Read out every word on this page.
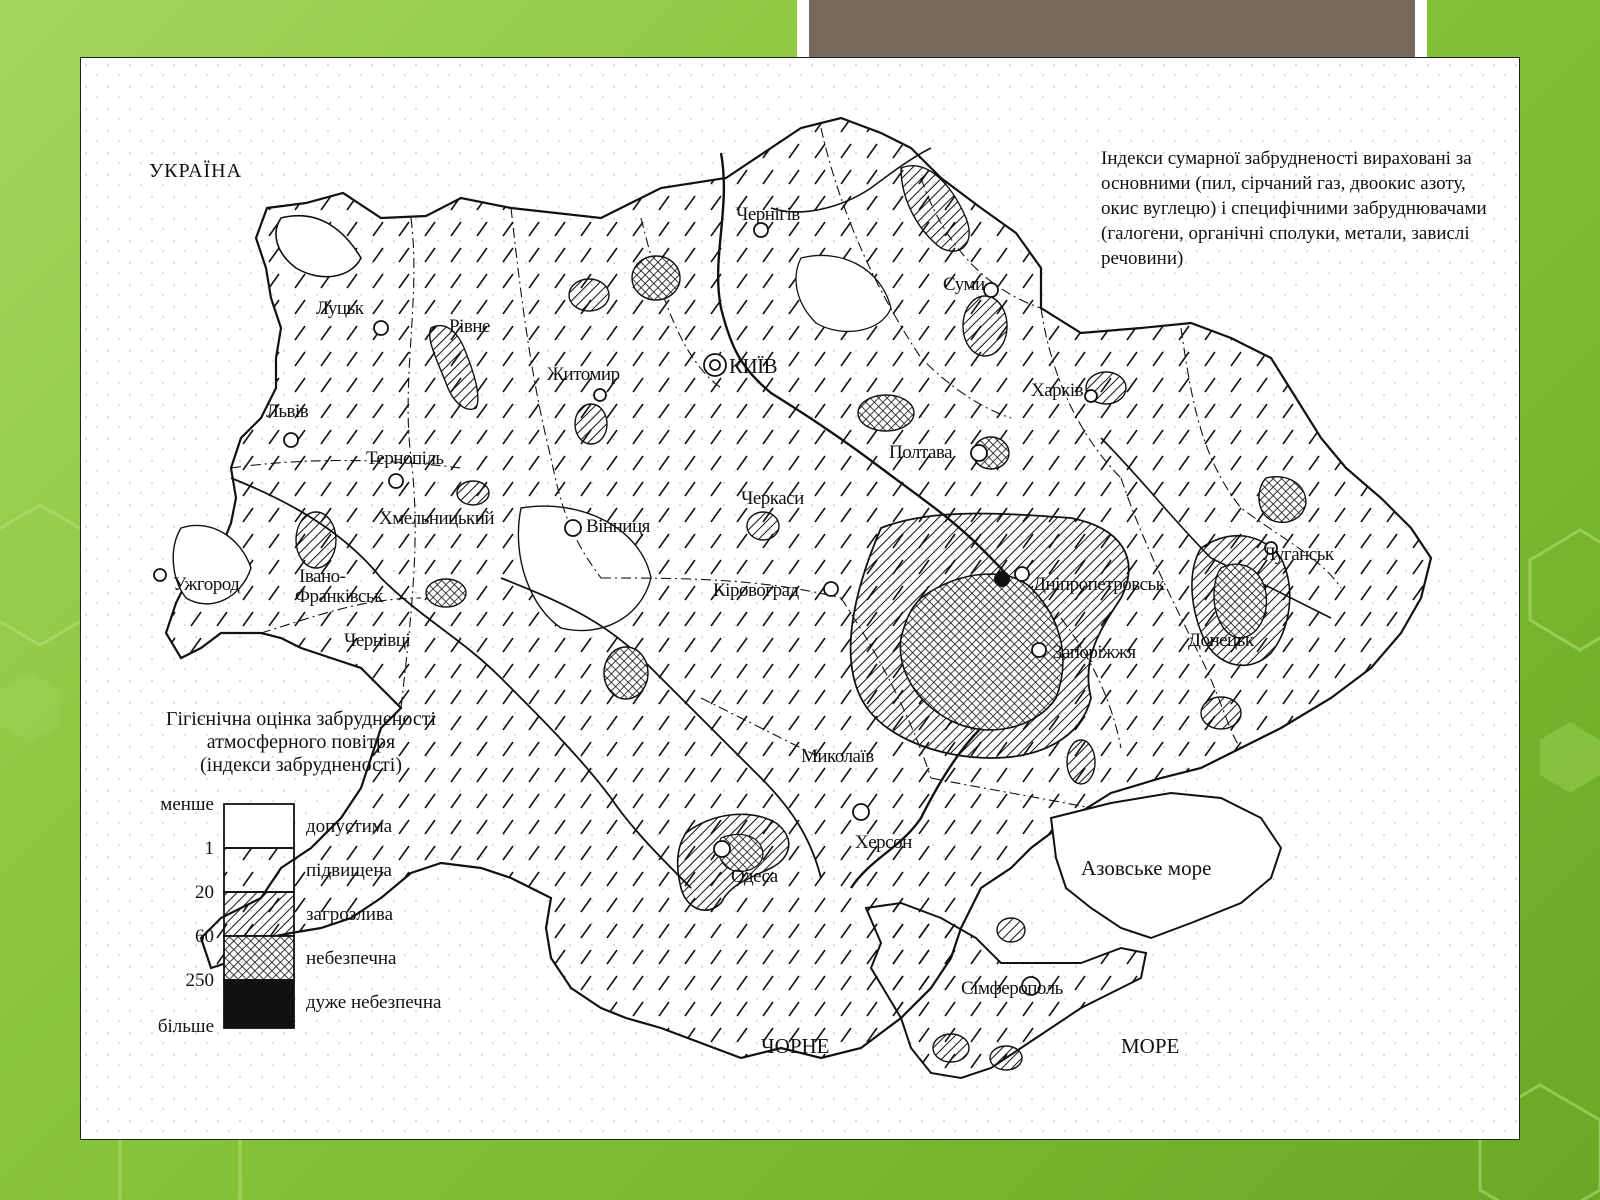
УКРАЇНА
Індекси сумарної забрудненості вираховані за основними (пил, сірчаний газ, двоокис азоту, окис вуглецю) і специфічними забруднювачами (галогени, органічні сполуки, метали, завислі речовини)
Чернігів
Суми
Луцьк
Рівне
Житомир	КИЇВ
Харків
Львів
Полтава
Тернопіль
Черкаси
Хмельницький	Вінниця
Луганськ
Ужгород	Івано-
Франківськ	Кіровоград	Дніпропетровськ
Чернівці
Запоріжжя
Донецьк
Миколаїв
Херсон
Одеса
Сімферополь
Азовське море
ЧОРНЕ	МОРЕ
Гігієнічна оцінка забрудненості
атмосферного повітря
(індекси забрудненості)
менше
1
20
60
250
більше
допустима
підвищена
загрозлива
небезпечна
дуже небезпечна
